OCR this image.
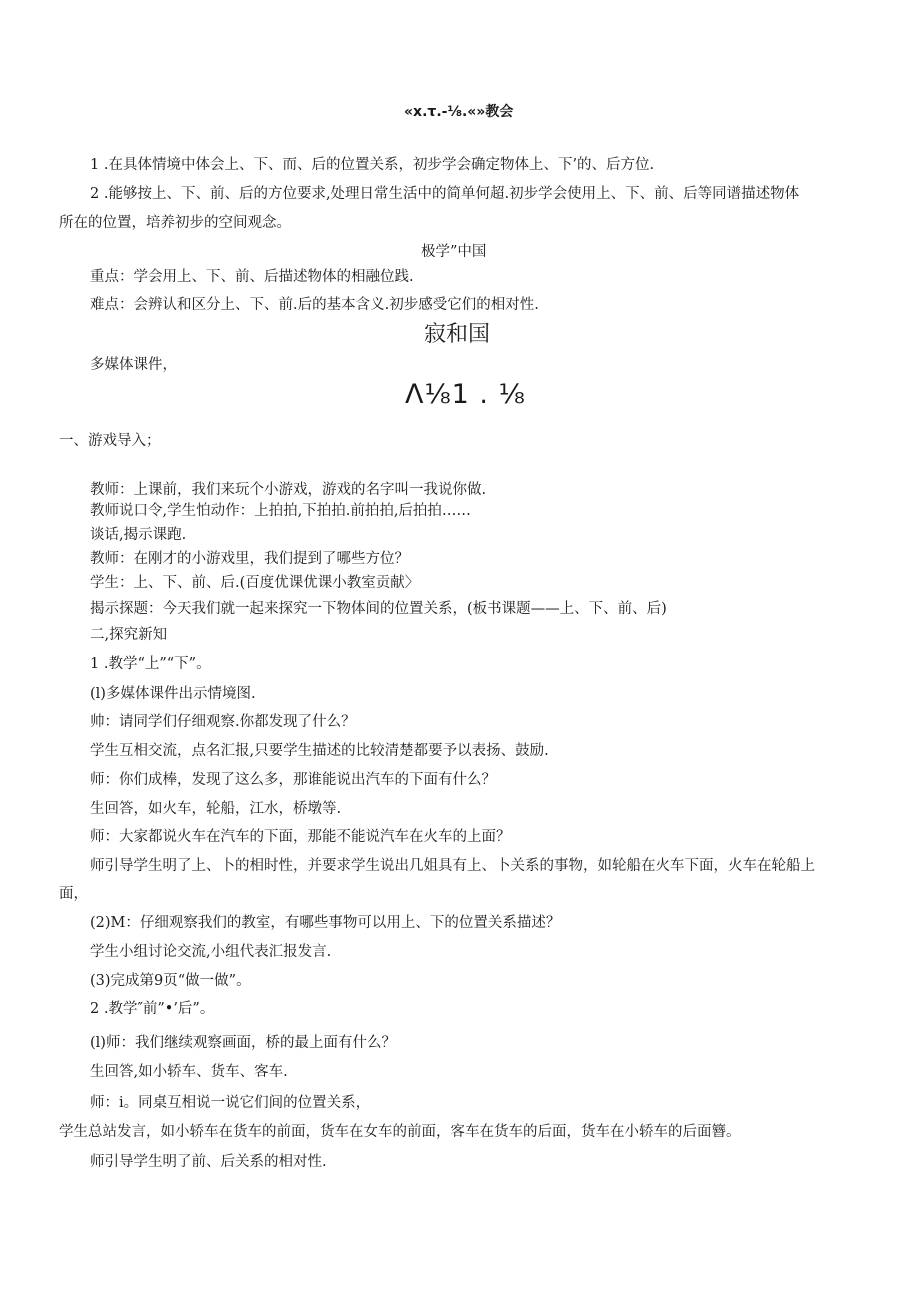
«x.τ.-⅛.«»教会
1 .在具体情境中体会上、下、而、后的位置关系，初步学会确定物体上、下’的、后方位.
2 .能够按上、下、前、后的方位要求,处理日常生活中的简单何超.初步学会使用上、下、前、后等同谱描述物体
所在的位置，培养初步的空间观念。
极学”中国
重点：学会用上、下、前、后描述物体的相融位践.
难点：会辨认和区分上、下、前.后的基本含义.初步感受它们的相对性.
寂和国
多媒体课件，
Λ⅛1 . ⅛
一、游戏导入；
教师：上课前，我们来玩个小游戏，游戏的名字叫一我说你做.
教师说口令,学生怕动作：上拍拍,下拍拍.前拍拍,后拍拍……
谈话,揭示课跑.
教师：在刚才的小游戏里，我们提到了哪些方位？
学生：上、下、前、后.(百度优课优课小教室贡献〉
揭示探题：今天我们就一起来探究一下物体间的位置关系，(板书课题——上、下、前、后)
二,探究新知
1 .教学“上”“下”。
(l)多媒体课件出示情境图.
帅：请同学们仔细观察.你都发现了什么？
学生互相交流，点名汇报,只要学生描述的比较清楚都要予以表扬、鼓励.
师：你们成棒，发现了这么多，那谁能说出汽车的下面有什么？
生回答，如火车，轮船，江水，桥墩等.
师：大家都说火车在汽车的下面，那能不能说汽车在火车的上面？
师引导学生明了上、卜的相时性，并要求学生说出几姐具有上、卜关系的事物，如轮船在火车下面，火车在轮船上
面，
(2)M：仔细观察我们的教室，有哪些事物可以用上、下的位置关系描述？
学生小组讨论交流,小组代表汇报发言.
(3)完成第9页“做一做”。
2 .教学″前”•’后”。
(l)师：我们继续观察画面，桥的最上面有什么？
生回答,如小轿车、货车、客车.
师：i。同桌互相说一说它们间的位置关系，
学生总站发言，如小轿车在货车的前面，货车在女车的前面，客车在货车的后面，货车在小轿车的后面簪。
师引导学生明了前、后关系的相对性.
